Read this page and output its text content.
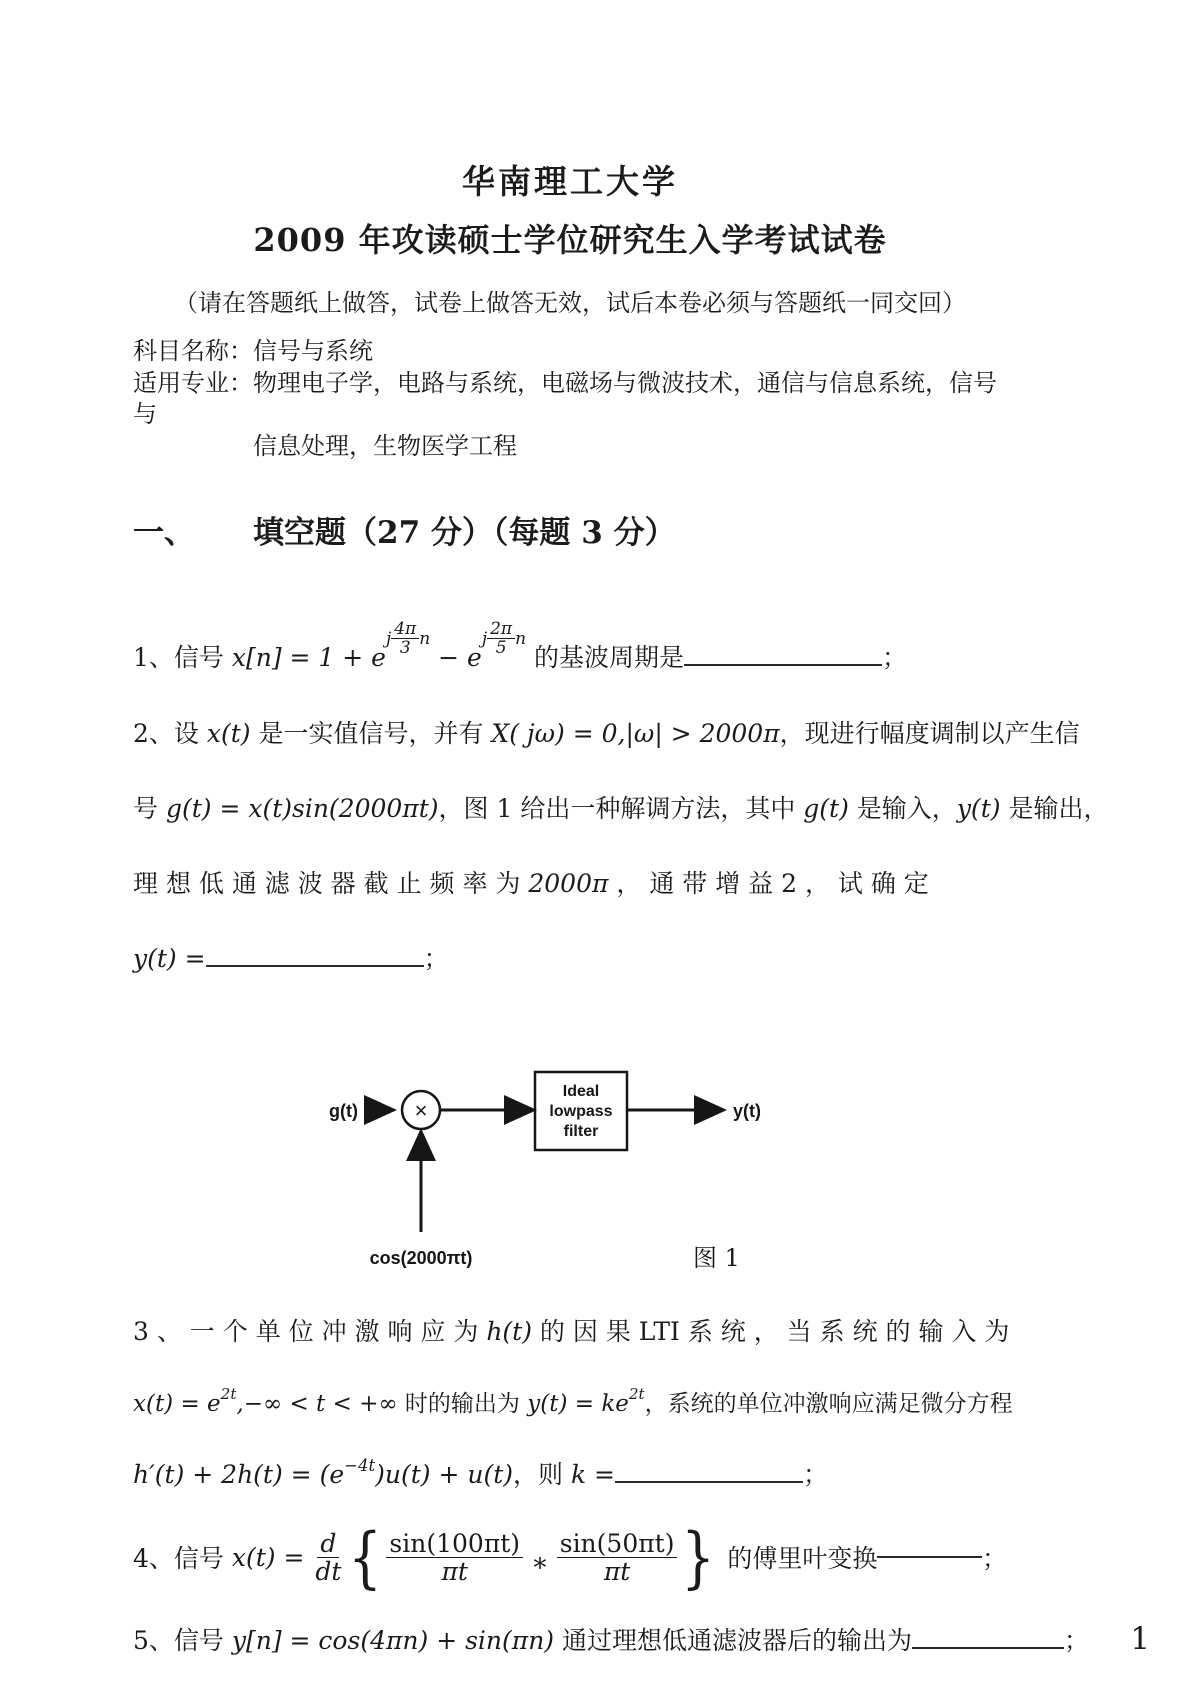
华南理工大学
2009 年攻读硕士学位研究生入学考试试卷
（请在答题纸上做答，试卷上做答无效，试后本卷必须与答题纸一同交回）
科目名称：信号与系统
适用专业：物理电子学，电路与系统，电磁场与微波技术，通信与信息系统，信号与
信息处理，生物医学工程
一、 填空题（27 分）（每题 3 分）
1、信号 x[n] = 1 + e
j $\frac{4\pi}{3}$ n
− e
j $\frac{2\pi}{5}$ n
的基波周期是	；
2、设 x(t) 是一实值信号，并有 X( jω) = 0,|ω| > 2000π，现进行幅度调制以产生信
号 g(t) = x(t)sin(2000πt)，图 1 给出一种解调方法，其中 g(t) 是输入，y(t) 是输出，
理 想 低 通 滤 波 器 截 止 频 率 为 2000π ， 通 带 增 益 2 ， 试 确 定
y(t) =	；
g(t)	×
Ideal
lowpass
filter
y(t)
cos(2000πt)	图 1
3 、 一 个 单 位 冲 激 响 应 为 h(t) 的 因 果 LTI 系 统 ， 当 系 统 的 输 入 为
$x(t) = e^{2t},-\infty < t$ < +∞ 时的输出为 $y(t) = ke^{2t}$，系统的单位冲激响应满足微分方程
$h'(t) + 2h(t) = (e^{-4t})u(t) + u(t)$，则 k =	；
4、信号 $x(t) = \frac{d}{dt}$ { $\frac{\sin(100\pi t)}{\pi t}$ ∗ $\frac{\sin(50\pi t)}{\pi t}$ } 的傅里叶变换	；
5、信号 y[n] = cos(4πn) + sin(πn) 通过理想低通滤波器后的输出为	； 1
